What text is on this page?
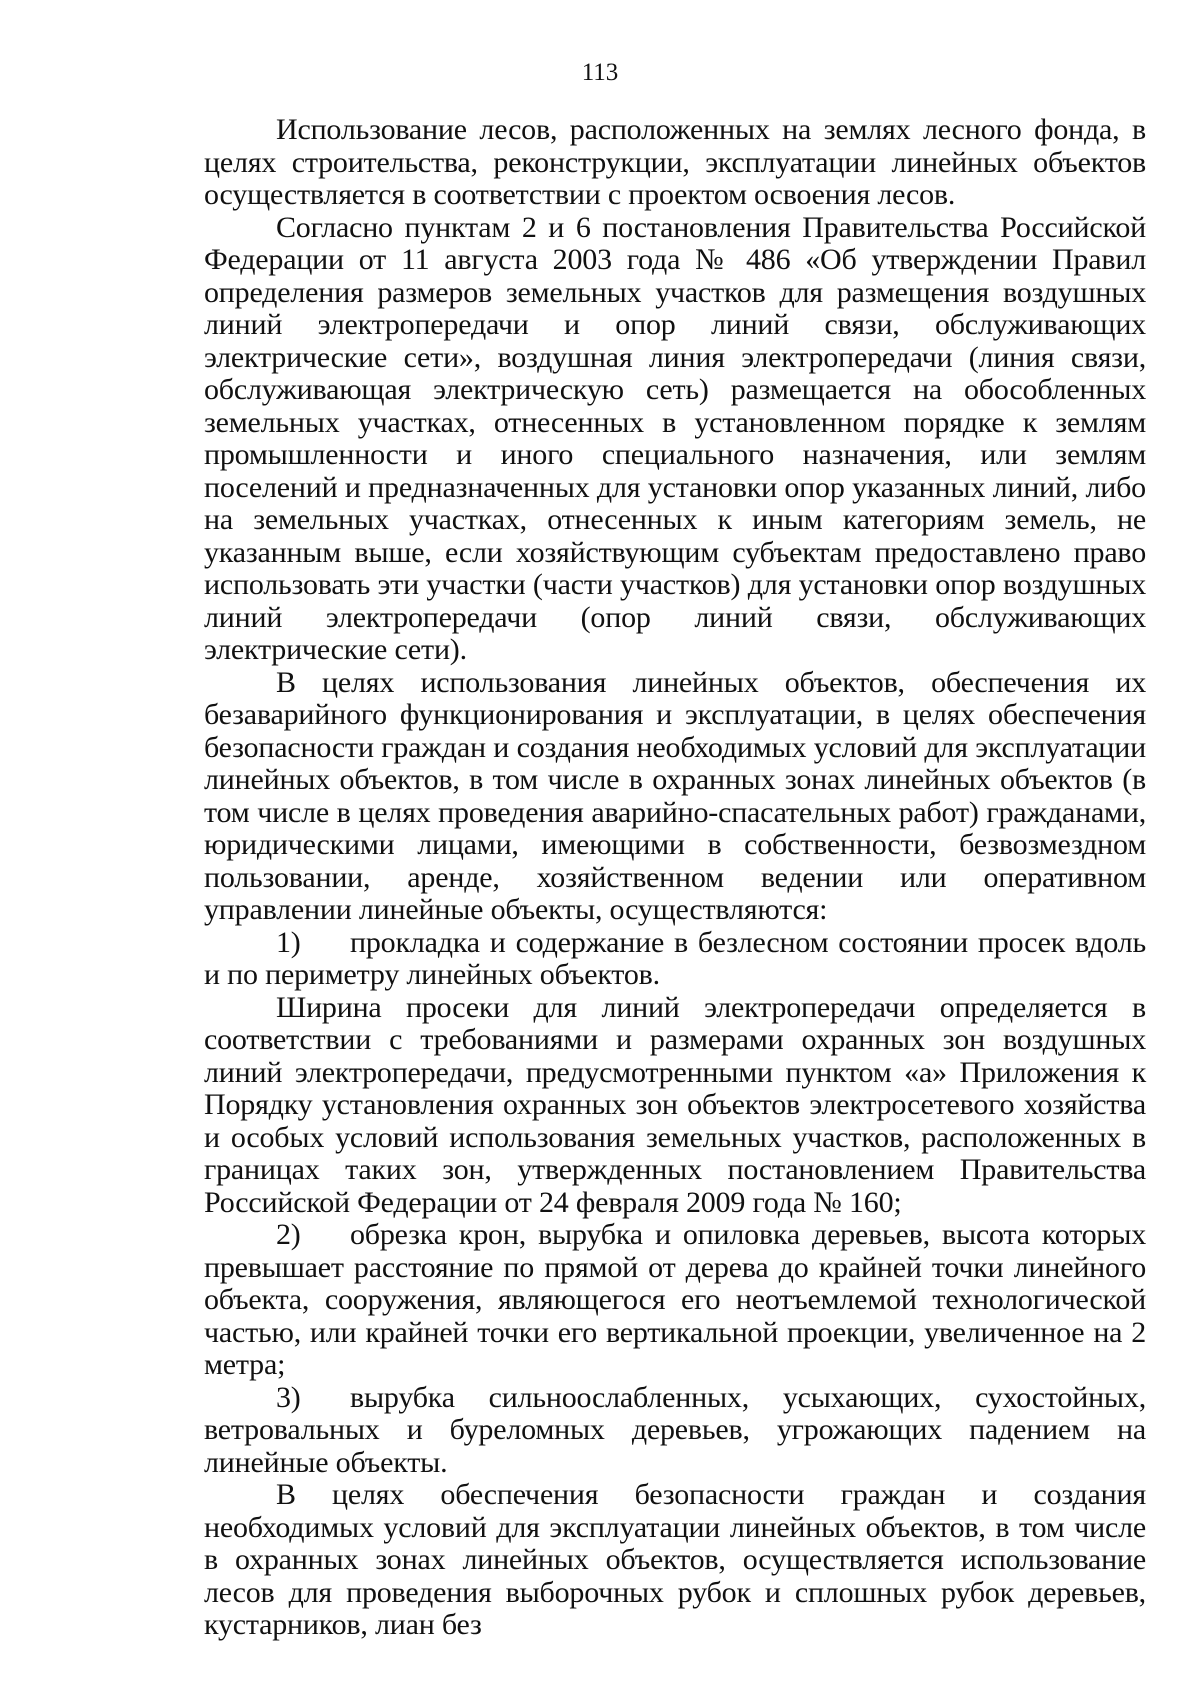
113

Использование лесов, расположенных на землях лесного фонда, в целях строительства, реконструкции, эксплуатации линейных объектов осуществляется в соответствии с проектом освоения лесов.

Согласно пунктам 2 и 6 постановления Правительства Российской Федерации от 11 августа 2003 года № 486 «Об утверждении Правил определения размеров земельных участков для размещения воздушных линий электропередачи и опор линий связи, обслуживающих электрические сети», воздушная линия электропередачи (линия связи, обслуживающая электрическую сеть) размещается на обособленных земельных участках, отнесенных в установленном порядке к землям промышленности и иного специального назначения, или землям поселений и предназначенных для установки опор указанных линий, либо на земельных участках, отнесенных к иным категориям земель, не указанным выше, если хозяйствующим субъектам предоставлено право использовать эти участки (части участков) для установки опор воздушных линий электропередачи (опор линий связи, обслуживающих электрические сети).

В целях использования линейных объектов, обеспечения их безаварийного функционирования и эксплуатации, в целях обеспечения безопасности граждан и создания необходимых условий для эксплуатации линейных объектов, в том числе в охранных зонах линейных объектов (в том числе в целях проведения аварийно-спасательных работ) гражданами, юридическими лицами, имеющими в собственности, безвозмездном пользовании, аренде, хозяйственном ведении или оперативном управлении линейные объекты, осуществляются:

1) прокладка и содержание в безлесном состоянии просек вдоль и по периметру линейных объектов.

Ширина просеки для линий электропередачи определяется в соответствии с требованиями и размерами охранных зон воздушных линий электропередачи, предусмотренными пунктом «а» Приложения к Порядку установления охранных зон объектов электросетевого хозяйства и особых условий использования земельных участков, расположенных в границах таких зон, утвержденных постановлением Правительства Российской Федерации от 24 февраля 2009 года № 160;

2) обрезка крон, вырубка и опиловка деревьев, высота которых превышает расстояние по прямой от дерева до крайней точки линейного объекта, сооружения, являющегося его неотъемлемой технологической частью, или крайней точки его вертикальной проекции, увеличенное на 2 метра;

3) вырубка сильноослабленных, усыхающих, сухостойных, ветровальных и буреломных деревьев, угрожающих падением на линейные объекты.

В целях обеспечения безопасности граждан и создания необходимых условий для эксплуатации линейных объектов, в том числе в охранных зонах линейных объектов, осуществляется использование лесов для проведения выборочных рубок и сплошных рубок деревьев, кустарников, лиан без
